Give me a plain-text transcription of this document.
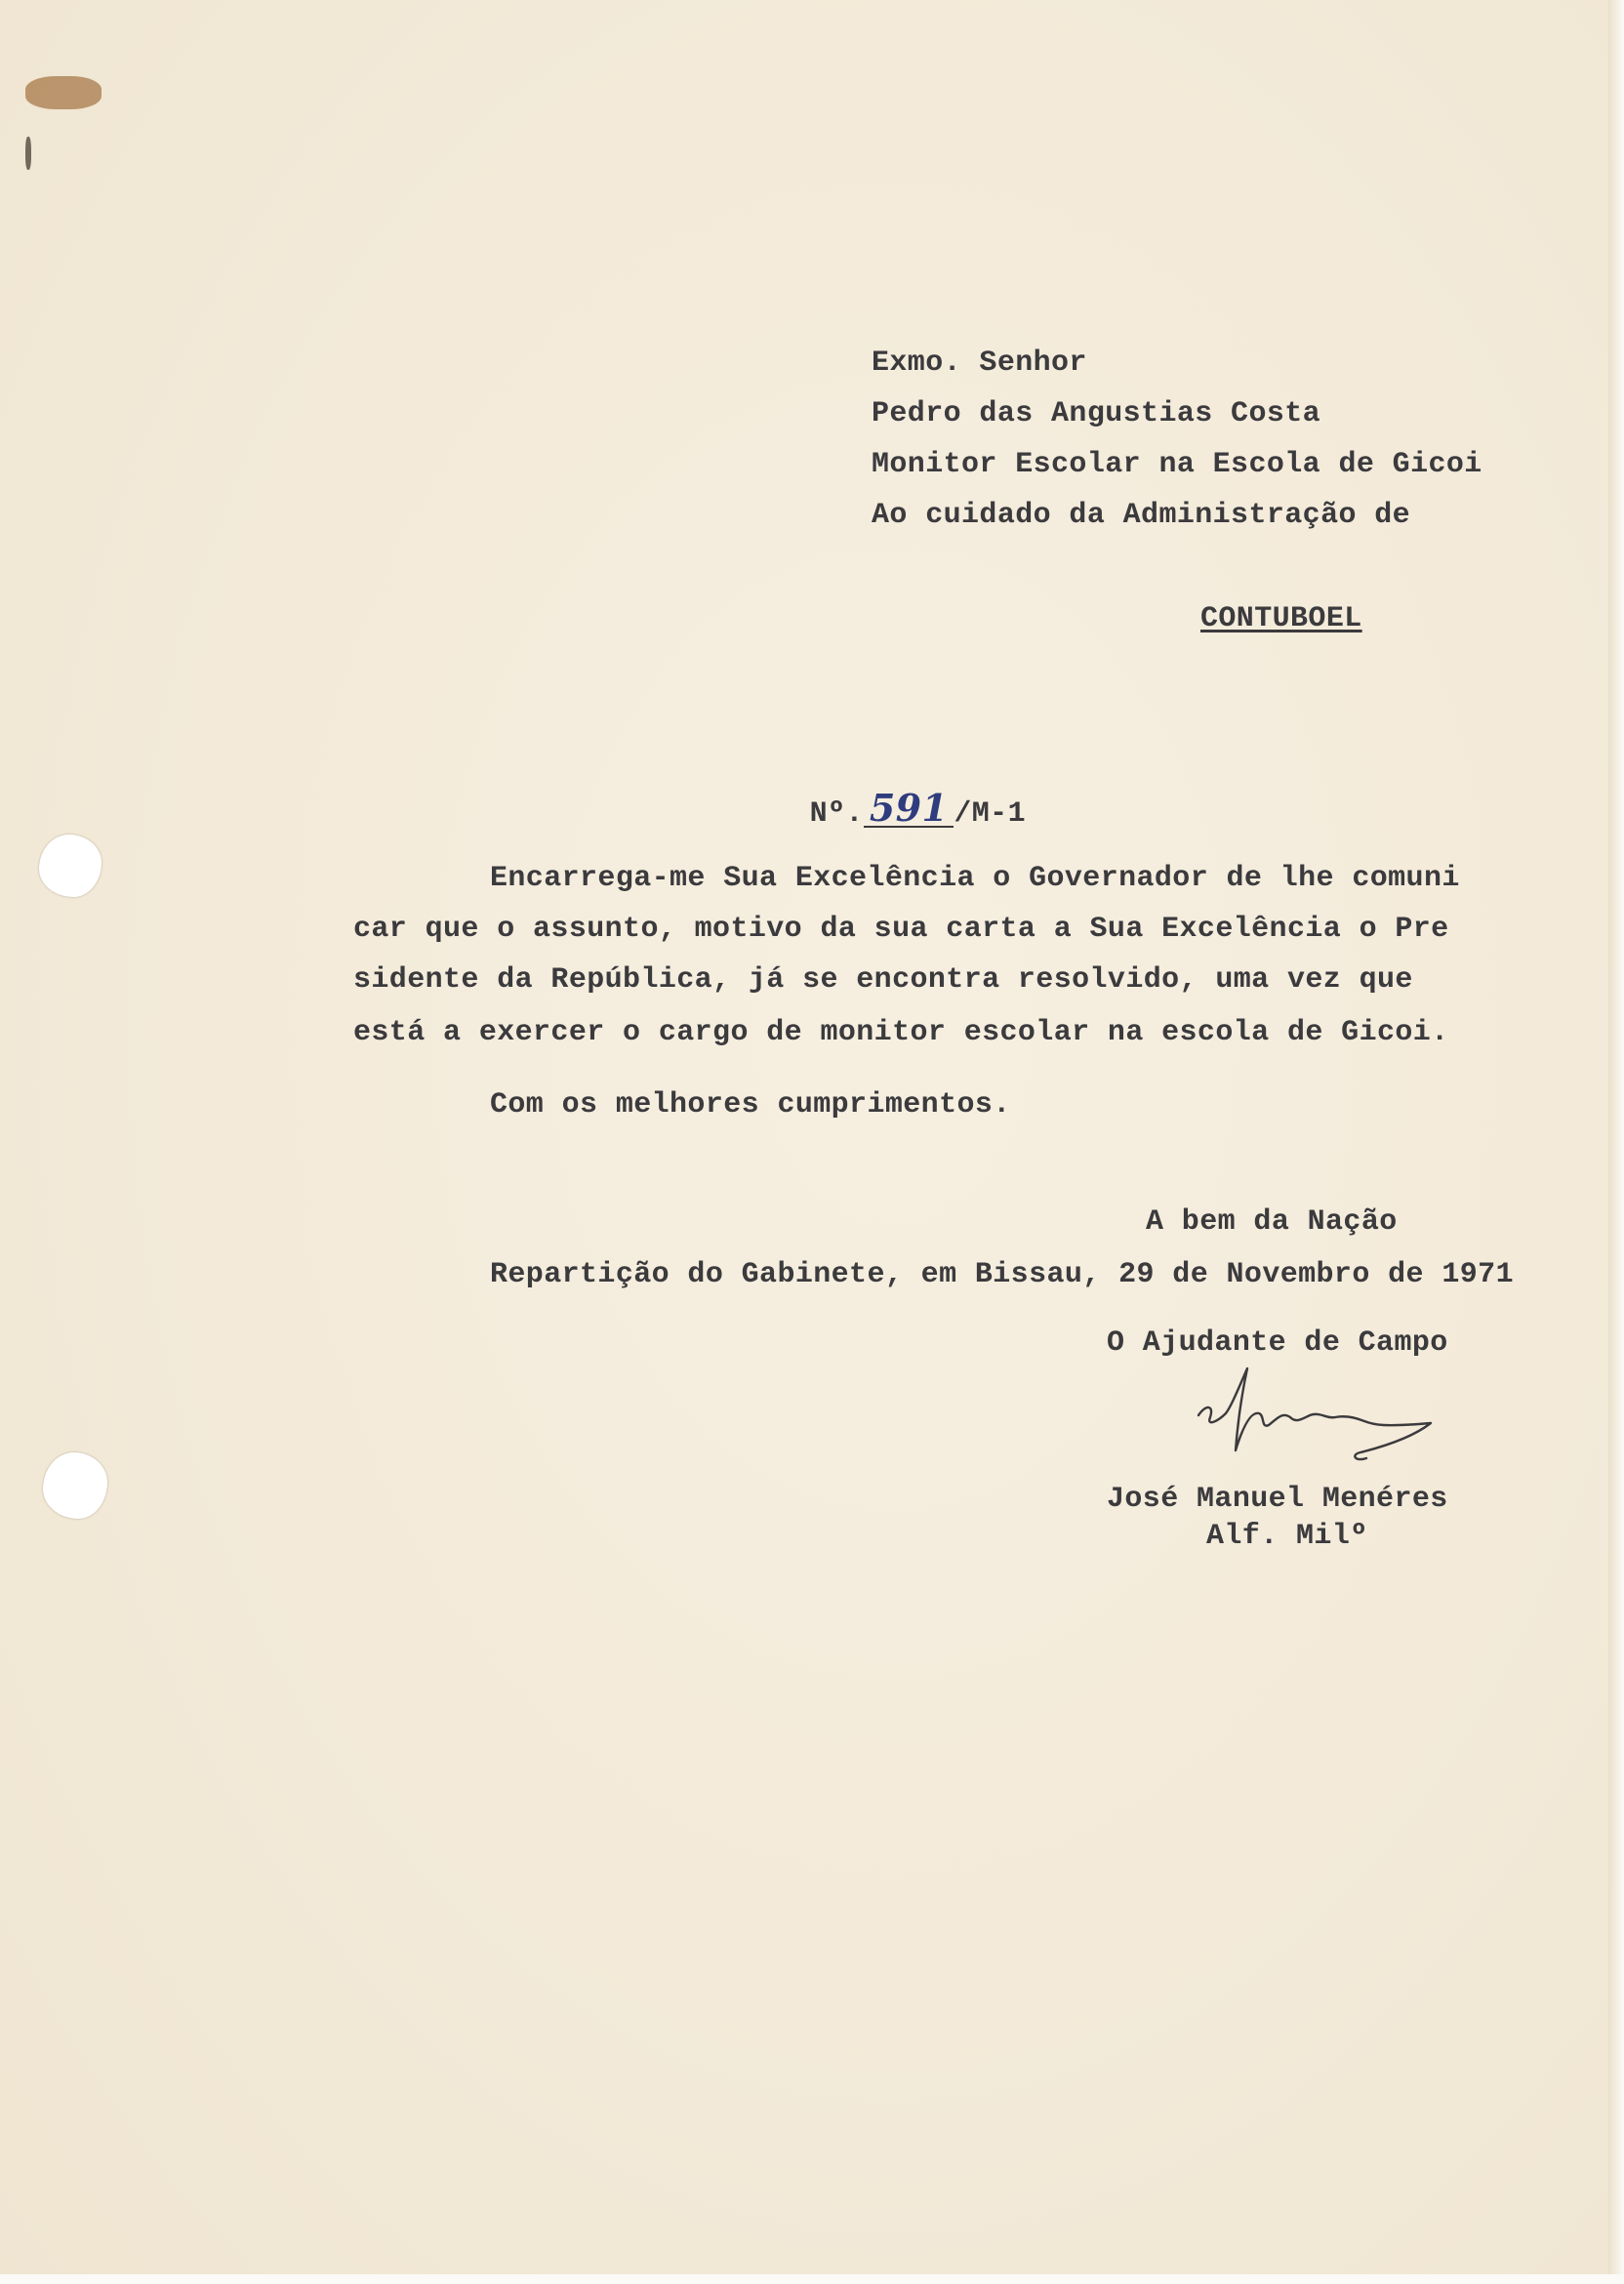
Exmo. Senhor
Pedro das Angustias Costa
Monitor Escolar na Escola de Gicoi
Ao cuidado da Administração de
CONTUBOEL

Nº. 591 /M-1

Encarrega-me Sua Excelência o Governador de lhe comuni
car que o assunto, motivo da sua carta a Sua Excelência o Pre
sidente da República, já se encontra resolvido, uma vez que
está a exercer o cargo de monitor escolar na escola de Gicoi.
Com os melhores cumprimentos.
A bem da Nação
Repartição do Gabinete, em Bissau, 29 de Novembro de 1971
O Ajudante de Campo
José Manuel Menéres
Alf. Milº
